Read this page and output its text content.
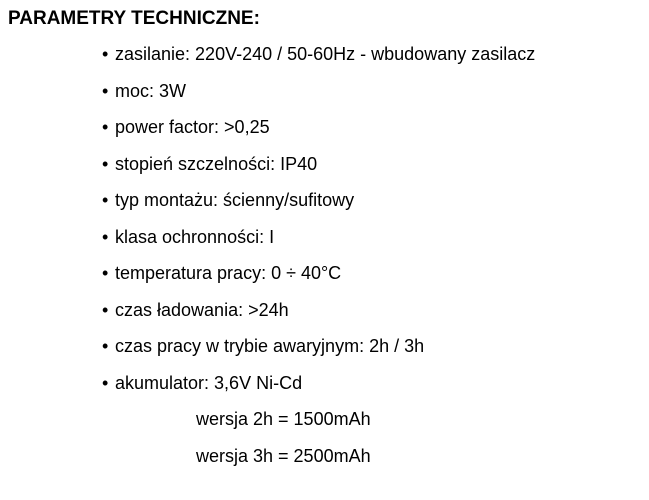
PARAMETRY TECHNICZNE:
• zasilanie: 220V-240 / 50-60Hz - wbudowany zasilacz
• moc: 3W
• power factor: >0,25
• stopień szczelności: IP40
• typ montażu: ścienny/sufitowy
• klasa ochronności: I
• temperatura pracy: 0 ÷ 40°C
• czas ładowania: >24h
• czas pracy w trybie awaryjnym: 2h / 3h
• akumulator: 3,6V Ni-Cd
wersja 2h = 1500mAh
wersja 3h = 2500mAh
